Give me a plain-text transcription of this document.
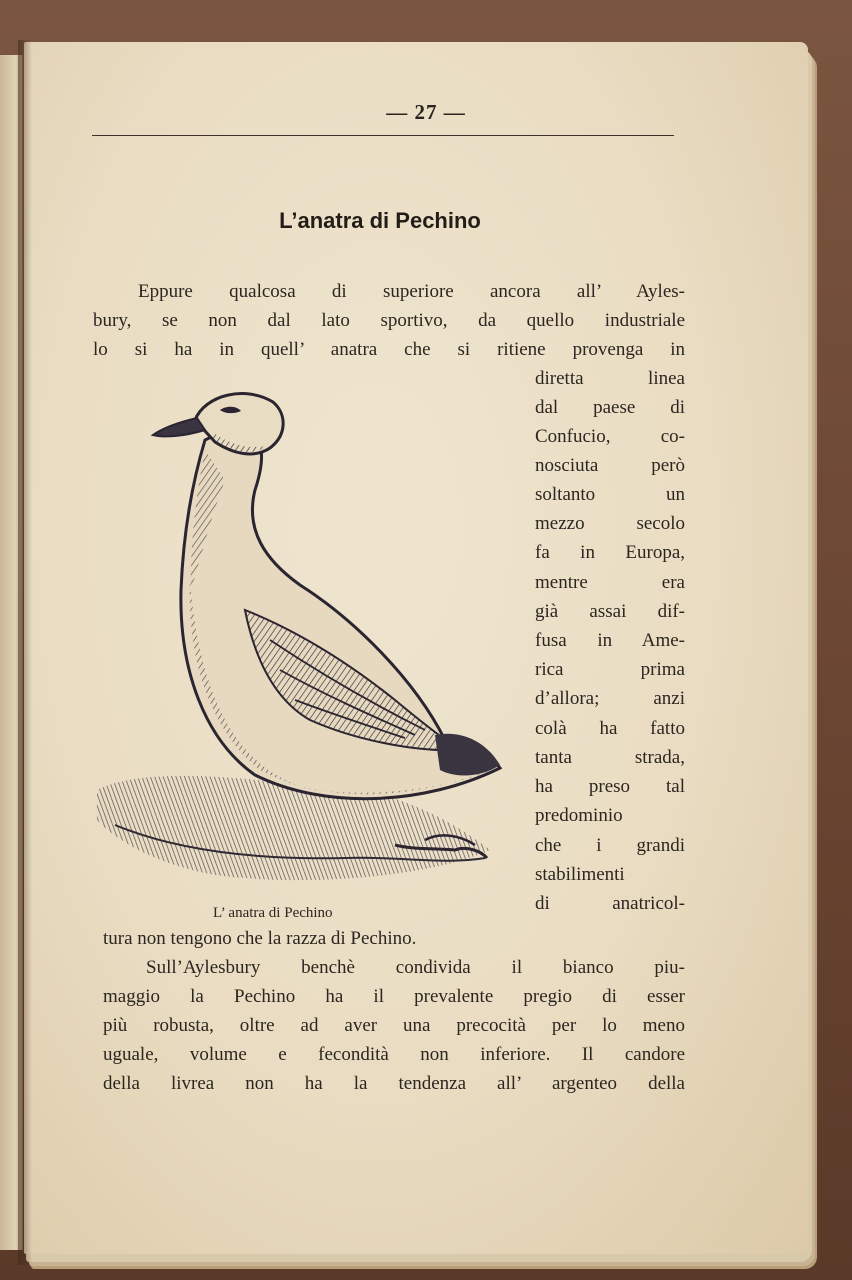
— 27 —
L’anatra di Pechino

Eppure qualcosa di superiore ancora all’ Ayles-

bury, se non dal lato sportivo, da quello industriale

lo si ha in quell’ anatra che si ritiene provenga in

diretta linea

dal paese di

Confucio, co-

nosciuta però

soltanto un

mezzo secolo

fa in Europa,

mentre era

già assai dif-

fusa in Ame-

rica prima

d’allora; anzi

colà ha fatto

tanta strada,

ha preso tal

predominio

che i grandi

stabilimenti

di anatricol-

tura non tengono che la razza di Pechino.

Sull’Aylesbury benchè condivida il bianco piu-

maggio la Pechino ha il prevalente pregio di esser

più robusta, oltre ad aver una precocità per lo meno

uguale, volume e fecondità non inferiore. Il candore

della livrea non ha la tendenza all’ argenteo della

L’ anatra di Pechino
